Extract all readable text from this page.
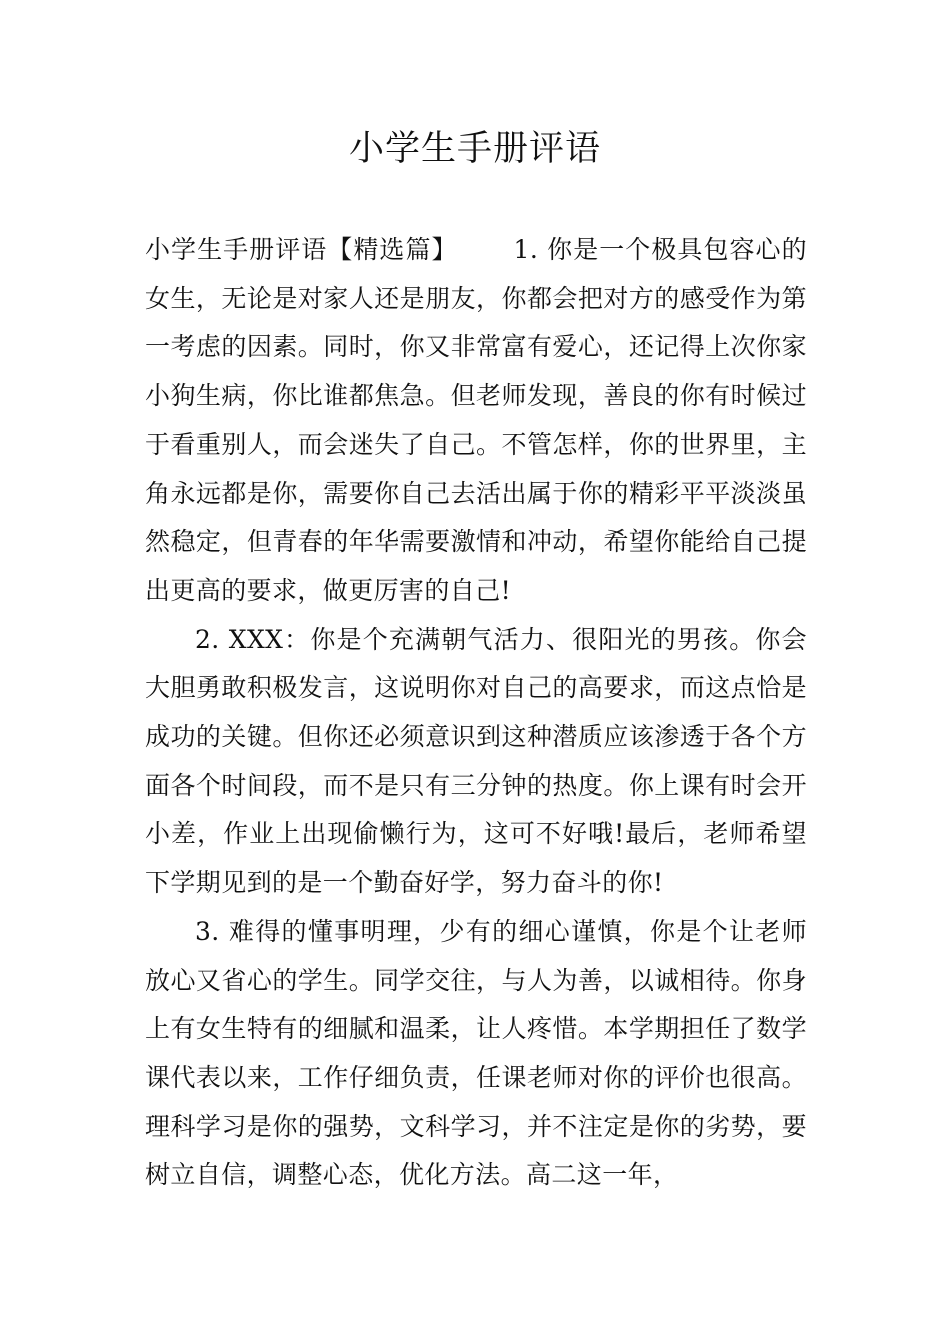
小学生手册评语

小学生手册评语【精选篇】 1. 你是一个极具包容心的女生，无论是对家人还是朋友，你都会把对方的感受作为第一考虑的因素。同时，你又非常富有爱心，还记得上次你家小狗生病，你比谁都焦急。但老师发现，善良的你有时候过于看重别人，而会迷失了自己。不管怎样，你的世界里，主角永远都是你，需要你自己去活出属于你的精彩平平淡淡虽然稳定，但青春的年华需要激情和冲动，希望你能给自己提出更高的要求，做更厉害的自己!

2. XXX：你是个充满朝气活力、很阳光的男孩。你会大胆勇敢积极发言，这说明你对自己的高要求，而这点恰是成功的关键。但你还必须意识到这种潜质应该渗透于各个方面各个时间段，而不是只有三分钟的热度。你上课有时会开小差，作业上出现偷懒行为，这可不好哦!最后，老师希望下学期见到的是一个勤奋好学，努力奋斗的你!

3. 难得的懂事明理，少有的细心谨慎，你是个让老师放心又省心的学生。同学交往，与人为善，以诚相待。你身上有女生特有的细腻和温柔，让人疼惜。本学期担任了数学课代表以来，工作仔细负责，任课老师对你的评价也很高。理科学习是你的强势，文科学习，并不注定是你的劣势，要树立自信，调整心态，优化方法。高二这一年，
